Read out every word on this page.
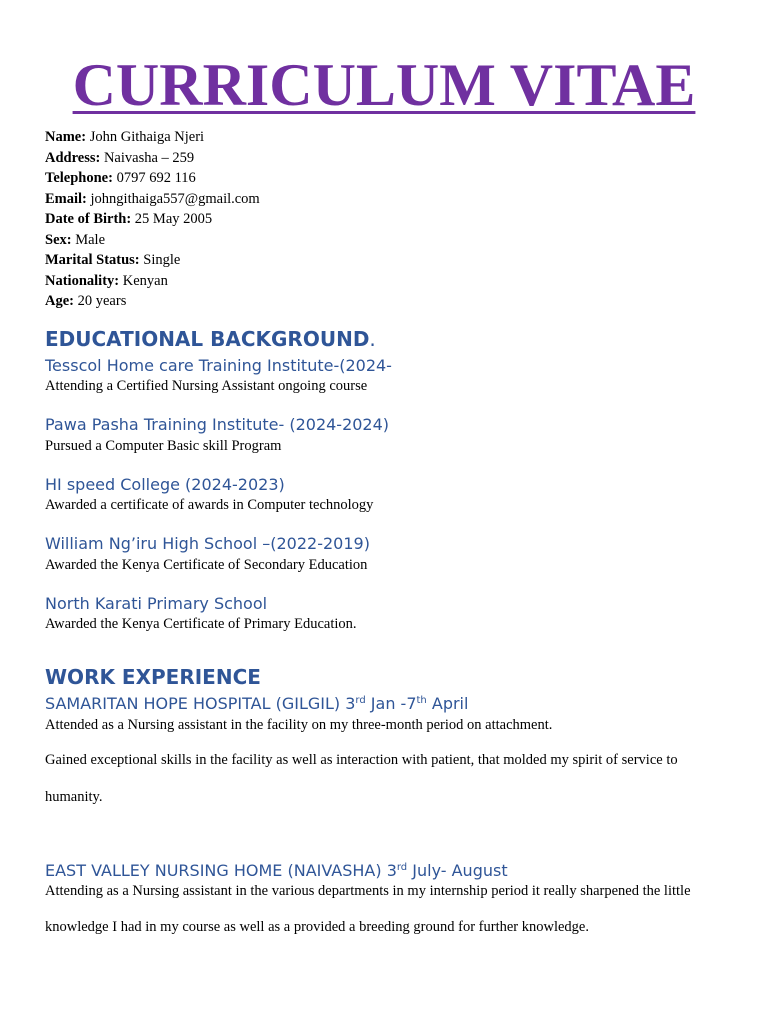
CURRICULUM VITAE
Name: John Githaiga Njeri
Address: Naivasha – 259
Telephone: 0797 692 116
Email: johngithaiga557@gmail.com
Date of Birth: 25 May 2005
Sex: Male
Marital Status: Single
Nationality: Kenyan
Age: 20 years
EDUCATIONAL BACKGROUND.
Tesscol Home care Training Institute-(2024-

Attending a Certified Nursing Assistant ongoing course

Pawa Pasha Training Institute- (2024-2024)

Pursued a Computer Basic skill Program

HI speed College (2024-2023)

Awarded a certificate of awards in Computer technology

William Ng’iru High School –(2022-2019)

Awarded the Kenya Certificate of Secondary Education

North Karati Primary School

Awarded the Kenya Certificate of Primary Education.

WORK EXPERIENCE
SAMARITAN HOPE HOSPITAL (GILGIL) 3rd Jan -7th April

Attended as a Nursing assistant in the facility on my three-month period on attachment.

Gained exceptional skills in the facility as well as interaction with patient, that molded my spirit of service to

humanity.

EAST VALLEY NURSING HOME (NAIVASHA) 3rd July- August

Attending as a Nursing assistant in the various departments in my internship period it really sharpened the little

knowledge I had in my course as well as a provided a breeding ground for further knowledge.
